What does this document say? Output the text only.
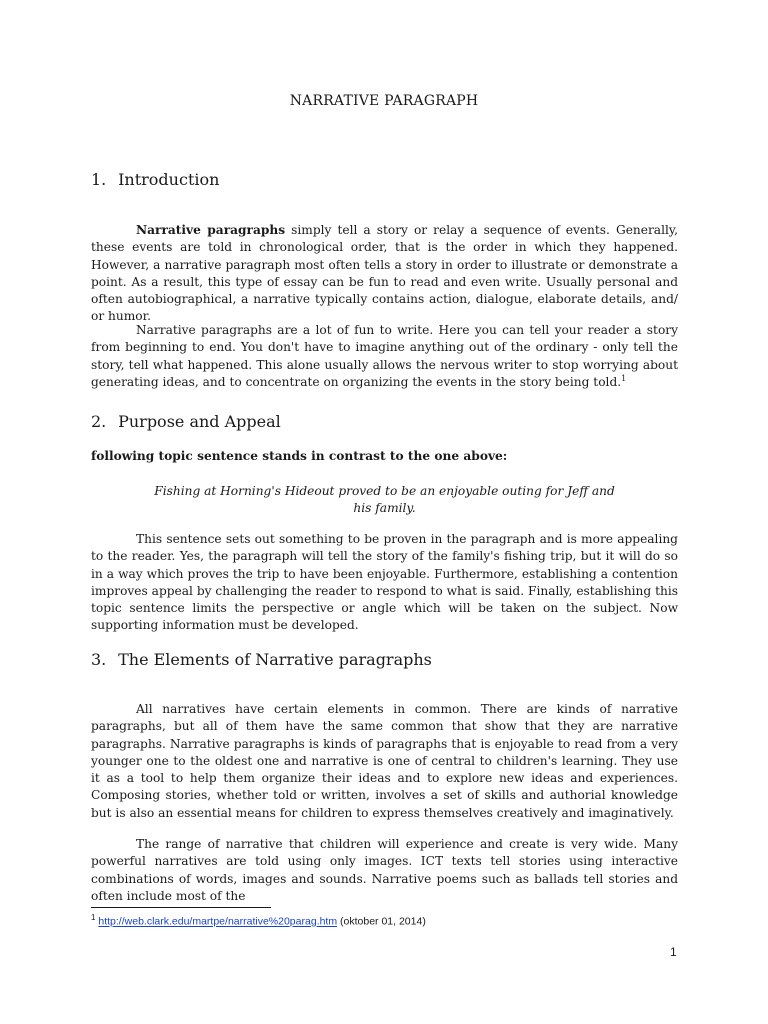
NARRATIVE PARAGRAPH
1. Introduction

Narrative paragraphs simply tell a story or relay a sequence of events. Generally, these events are told in chronological order, that is the order in which they happened. However, a narrative paragraph most often tells a story in order to illustrate or demonstrate a point. As a result, this type of essay can be fun to read and even write. Usually personal and often autobiographical, a narrative typically contains action, dialogue, elaborate details, and/ or humor.

Narrative paragraphs are a lot of fun to write. Here you can tell your reader a story from beginning to end. You don't have to imagine anything out of the ordinary - only tell the story, tell what happened. This alone usually allows the nervous writer to stop worrying about generating ideas, and to concentrate on organizing the events in the story being told.$^1$

2. Purpose and Appeal

following topic sentence stands in contrast to the one above:

Fishing at Horning's Hideout proved to be an enjoyable outing for Jeff and
his family.

This sentence sets out something to be proven in the paragraph and is more appealing to the reader. Yes, the paragraph will tell the story of the family's fishing trip, but it will do so in a way which proves the trip to have been enjoyable. Furthermore, establishing a contention improves appeal by challenging the reader to respond to what is said. Finally, establishing this topic sentence limits the perspective or angle which will be taken on the subject. Now supporting information must be developed.

3. The Elements of Narrative paragraphs

All narratives have certain elements in common. There are kinds of narrative paragraphs, but all of them have the same common that show that they are narrative paragraphs. Narrative paragraphs is kinds of paragraphs that is enjoyable to read from a very younger one to the oldest one and narrative is one of central to children's learning. They use it as a tool to help them organize their ideas and to explore new ideas and experiences. Composing stories, whether told or written, involves a set of skills and authorial knowledge but is also an essential means for children to express themselves creatively and imaginatively.

The range of narrative that children will experience and create is very wide. Many powerful narratives are told using only images. ICT texts tell stories using interactive combinations of words, images and sounds. Narrative poems such as ballads tell stories and often include most of the

$^1$ http://web.clark.edu/martpe/narrative%20parag.htm (oktober 01, 2014)
1
